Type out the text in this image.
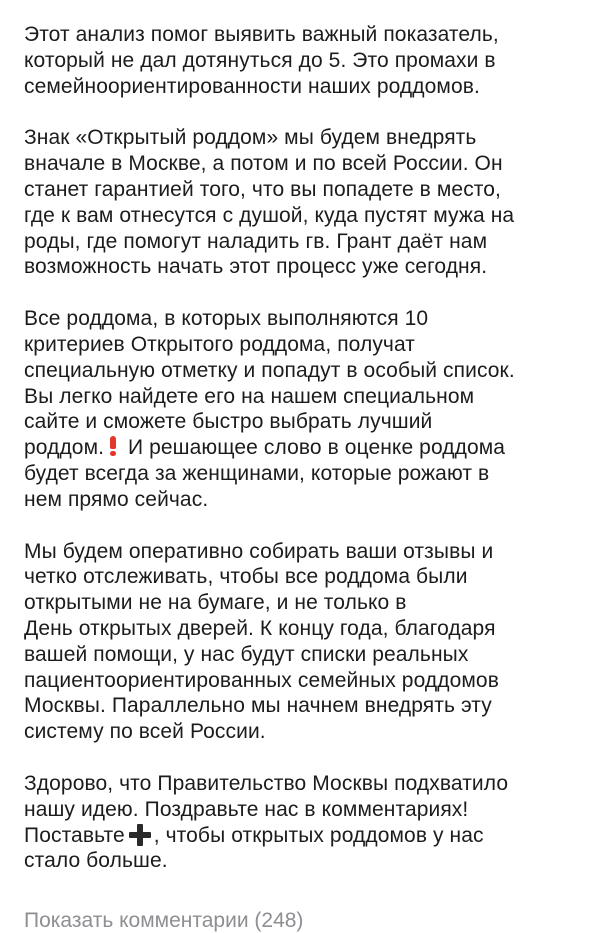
Этот анализ помог выявить важный показатель,
который не дал дотянуться до 5. Это промахи в
семейноориентированности наших роддомов.
Знак «Открытый роддом» мы будем внедрять
вначале в Москве, а потом и по всей России. Он
станет гарантией того, что вы попадете в место,
где к вам отнесутся с душой, куда пустят мужа на
роды, где помогут наладить гв. Грант даёт нам
возможность начать этот процесс уже сегодня.
Все роддома, в которых выполняются 10
критериев Открытого роддома, получат
специальную отметку и попадут в особый список.
Вы легко найдете его на нашем специальном
сайте и сможете быстро выбрать лучший
роддом.
И решающее слово в оценке роддома
будет всегда за женщинами, которые рожают в
нем прямо сейчас.
Мы будем оперативно собирать ваши отзывы и
четко отслеживать, чтобы все роддома были
открытыми не на бумаге, и не только в
День открытых дверей. К концу года, благодаря
вашей помощи, у нас будут списки реальных
пациентоориентированных семейных роддомов
Москвы. Параллельно мы начнем внедрять эту
систему по всей России.
Здорово, что Правительство Москвы подхватило
нашу идею. Поздравьте нас в комментариях!
Поставьте , чтобы открытых роддомов у нас
стало больше.
Показать комментарии (248)
